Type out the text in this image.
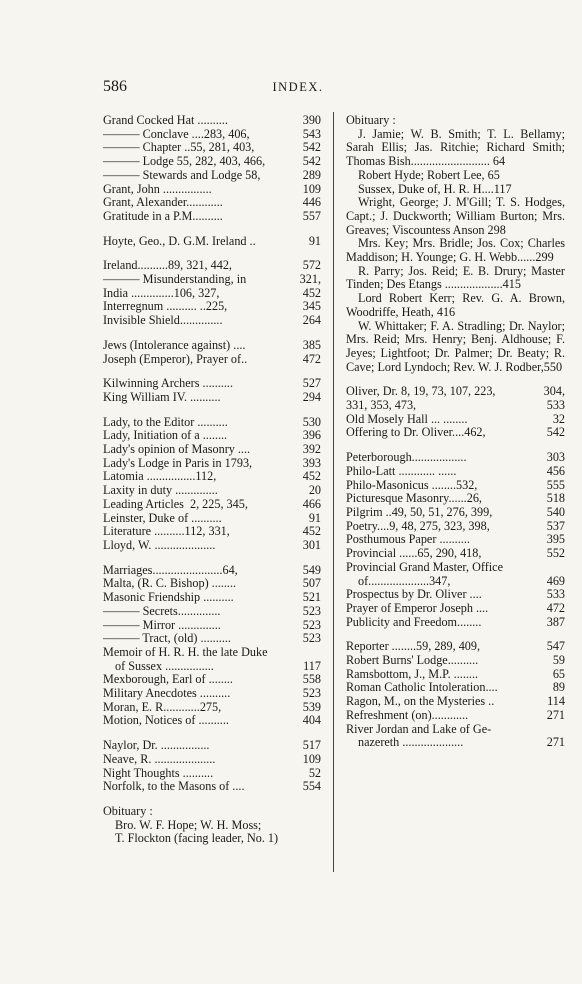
586	INDEX.
Grand Cocked Hat ..........	390
——— Conclave ....283, 406,	543
——— Chapter ..55, 281, 403,	542
——— Lodge 55, 282, 403, 466,	542
——— Stewards and Lodge 58,	289
Grant, John ................	109
Grant, Alexander............	446
Gratitude in a P.M..........	557
Hoyte, Geo., D. G.M. Ireland ..	91
Ireland..........89, 321, 442,	572
——— Misunderstanding, in	321,
India ..............106, 327,	452
Interregnum .......... ..225,	345
Invisible Shield..............	264
Jews (Intolerance against) ....	385
Joseph (Emperor), Prayer of..	472
Kilwinning Archers ..........	527
King William IV. ..........	294
Lady, to the Editor ..........	530
Lady, Initiation of a ........	396
Lady's opinion of Masonry ....	392
Lady's Lodge in Paris in 1793,	393
Latomia ................112,	452
Laxity in duty ..............	20
Leading Articles  2, 225, 345,	466
Leinster, Duke of ..........	91
Literature ..........112, 331,	452
Lloyd, W. ....................	301
Marriages.......................64,	549
Malta, (R. C. Bishop) ........	507
Masonic Friendship ..........	521
——— Secrets..............	523
——— Mirror ..............	523
——— Tract, (old) ..........	523
Memoir of H. R. H. the late Duke
of Sussex ................	117
Mexborough, Earl of ........	558
Military Anecdotes ..........	523
Moran, E. R............275,	539
Motion, Notices of ..........	404
Naylor, Dr. ................	517
Neave, R. ....................	109
Night Thoughts ..........	52
Norfolk, to the Masons of ....	554
Obituary :
Bro. W. F. Hope; W. H. Moss;
T. Flockton (facing leader, No. 1)
Obituary :

J. Jamie; W. B. Smith; T. L. Bellamy; Sarah Ellis; Jas. Ritchie; Richard Smith; Thomas Bish.......................... 64

Robert Hyde; Robert Lee, 65

Sussex, Duke of, H. R. H....117

Wright, George; J. M'Gill; T. S. Hodges, Capt.; J. Duckworth; William Burton; Mrs. Greaves; Viscountess Anson 298

Mrs. Key; Mrs. Bridle; Jos. Cox; Charles Maddison; H. Younge; G. H. Webb......299

R. Parry; Jos. Reid; E. B. Drury; Master Tinden; Des Etangs ...................415

Lord Robert Kerr; Rev. G. A. Brown, Woodriffe, Heath, 416

W. Whittaker; F. A. Stradling; Dr. Naylor; Mrs. Reid; Mrs. Henry; Benj. Aldhouse; F. Jeyes; Lightfoot; Dr. Palmer; Dr. Beaty; R. Cave; Lord Lyndoch; Rev. W. J. Rodber,550

Oliver, Dr. 8, 19, 73, 107, 223,	304,
331, 353, 473,	533
Old Mosely Hall ... ........	32
Offering to Dr. Oliver....462,	542
Peterborough..................	303
Philo-Latt ............ ......	456
Philo-Masonicus ........532,	555
Picturesque Masonry......26,	518
Pilgrim ..49, 50, 51, 276, 399,	540
Poetry....9, 48, 275, 323, 398,	537
Posthumous Paper ..........	395
Provincial ......65, 290, 418,	552
Provincial Grand Master, Office
of....................347,	469
Prospectus by Dr. Oliver ....	533
Prayer of Emperor Joseph ....	472
Publicity and Freedom........	387
Reporter ........59, 289, 409,	547
Robert Burns' Lodge..........	59
Ramsbottom, J., M.P. ........	65
Roman Catholic Intoleration....	89
Ragon, M., on the Mysteries ..	114
Refreshment (on)............	271
River Jordan and Lake of Ge-
nazereth ....................	271
